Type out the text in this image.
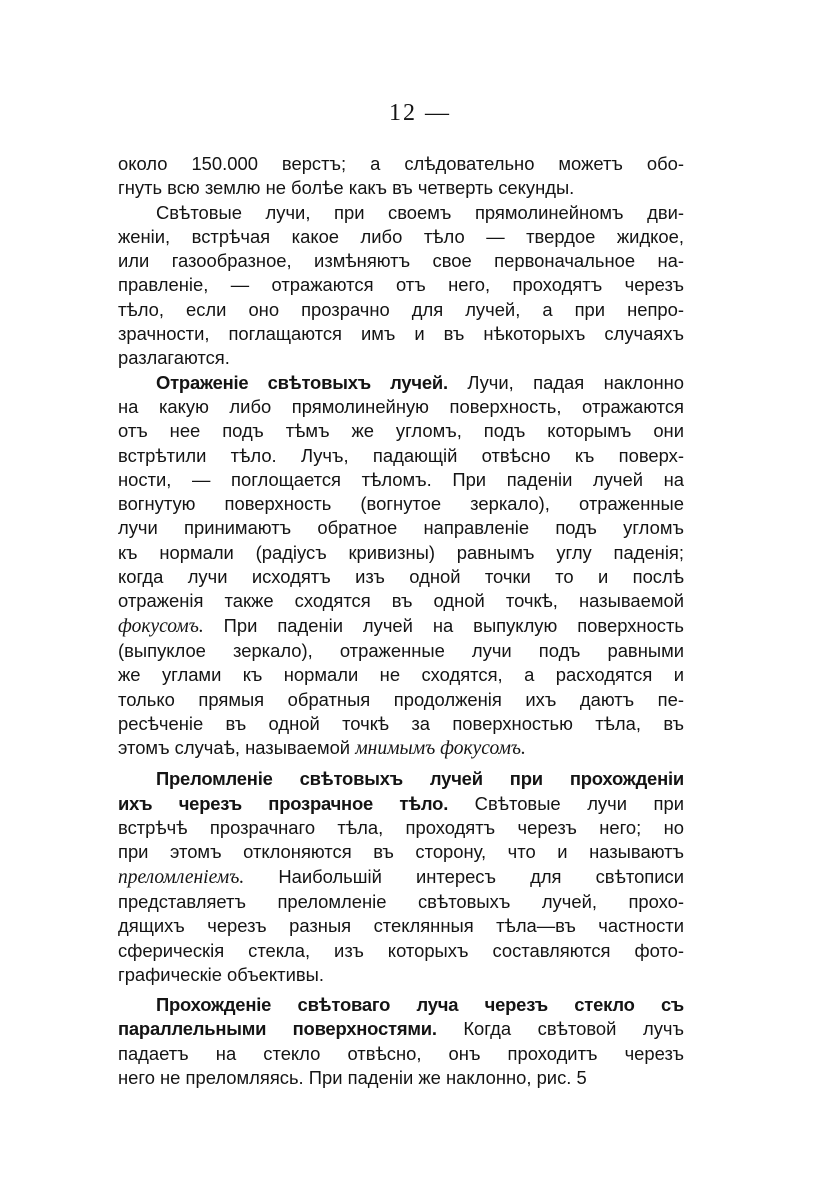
12 —
около 150.000 верстъ; а слѣдовательно можетъ обо-
гнуть всю землю не болѣе какъ въ четверть секунды.
Свѣтовые лучи, при своемъ прямолинейномъ дви-
женіи, встрѣчая какое либо тѣло — твердое жидкое,
или газообразное, измѣняютъ свое первоначальное на-
правленіе, — отражаются отъ него, проходятъ черезъ
тѣло, если оно прозрачно для лучей, а при непро-
зрачности, поглащаются имъ и въ нѣкоторыхъ случаяхъ
разлагаются.
Отраженіе свѣтовыхъ лучей. Лучи, падая наклонно
на какую либо прямолинейную поверхность, отражаются
отъ нее подъ тѣмъ же угломъ, подъ которымъ они
встрѣтили тѣло. Лучъ, падающій отвѣсно къ поверх-
ности, — поглощается тѣломъ. При паденіи лучей на
вогнутую поверхность (вогнутое зеркало), отраженные
лучи принимаютъ обратное направленіе подъ угломъ
къ нормали (радіусъ кривизны) равнымъ углу паденія;
когда лучи исходятъ изъ одной точки то и послѣ
отраженія также сходятся въ одной точкѣ, называемой
фокусомъ. При паденіи лучей на выпуклую поверхность
(выпуклое зеркало), отраженные лучи подъ равными
же углами къ нормали не сходятся, а расходятся и
только прямыя обратныя продолженія ихъ даютъ пе-
ресѣченіе въ одной точкѣ за поверхностью тѣла, въ
этомъ случаѣ, называемой мнимымъ фокусомъ.
Преломленіе свѣтовыхъ лучей при прохожденіи
ихъ черезъ прозрачное тѣло. Свѣтовые лучи при
встрѣчѣ прозрачнаго тѣла, проходятъ черезъ него; но
при этомъ отклоняются въ сторону, что и называютъ
преломленіемъ. Наибольшій интересъ для свѣтописи
представляетъ преломленіе свѣтовыхъ лучей, прохо-
дящихъ черезъ разныя стеклянныя тѣла—въ частности
сферическія стекла, изъ которыхъ составляются фото-
графическіе объективы.
Прохожденіе свѣтоваго луча черезъ стекло съ
параллельными поверхностями. Когда свѣтовой лучъ
падаетъ на стекло отвѣсно, онъ проходитъ черезъ
него не преломляясь. При паденіи же наклонно, рис. 5
